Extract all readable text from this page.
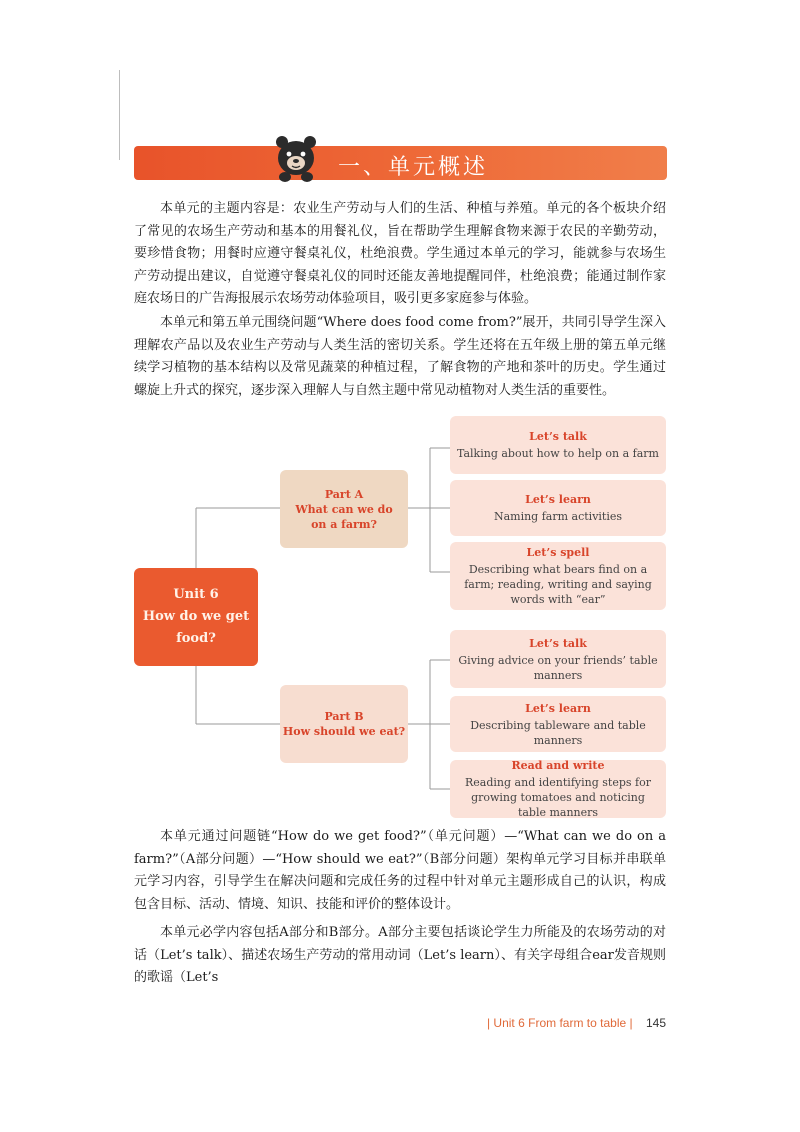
一、单元概述

本单元的主题内容是：农业生产劳动与人们的生活、种植与养殖。单元的各个板块介绍了常见的农场生产劳动和基本的用餐礼仪，旨在帮助学生理解食物来源于农民的辛勤劳动，要珍惜食物；用餐时应遵守餐桌礼仪，杜绝浪费。学生通过本单元的学习，能就参与农场生产劳动提出建议，自觉遵守餐桌礼仪的同时还能友善地提醒同伴，杜绝浪费；能通过制作家庭农场日的广告海报展示农场劳动体验项目，吸引更多家庭参与体验。

本单元和第五单元围绕问题“Where does food come from?”展开，共同引导学生深入理解农产品以及农业生产劳动与人类生活的密切关系。学生还将在五年级上册的第五单元继续学习植物的基本结构以及常见蔬菜的种植过程，了解食物的产地和茶叶的历史。学生通过螺旋上升式的探究，逐步深入理解人与自然主题中常见动植物对人类生活的重要性。

Unit 6
How do we get
food?
Part A
What can we do on a farm?
Part B
How should we eat?
Let’s talk
Talking about how to help on a farm
Let’s learn
Naming farm activities
Let’s spell
Describing what bears find on a farm; reading, writing and saying words with “ear”
Let’s talk
Giving advice on your friends’ table manners
Let’s learn
Describing tableware and table manners
Read and write
Reading and identifying steps for growing tomatoes and noticing table manners

本单元通过问题链“How do we get food?”（单元问题）—“What can we do on a farm?”（A部分问题）—“How should we eat?”（B部分问题）架构单元学习目标并串联单元学习内容，引导学生在解决问题和完成任务的过程中针对单元主题形成自己的认识，构成包含目标、活动、情境、知识、技能和评价的整体设计。

本单元必学内容包括A部分和B部分。A部分主要包括谈论学生力所能及的农场劳动的对话（Let’s talk）、描述农场生产劳动的常用动词（Let’s learn）、有关字母组合ear发音规则的歌谣（Let’s

| Unit 6 From farm to table | 145
